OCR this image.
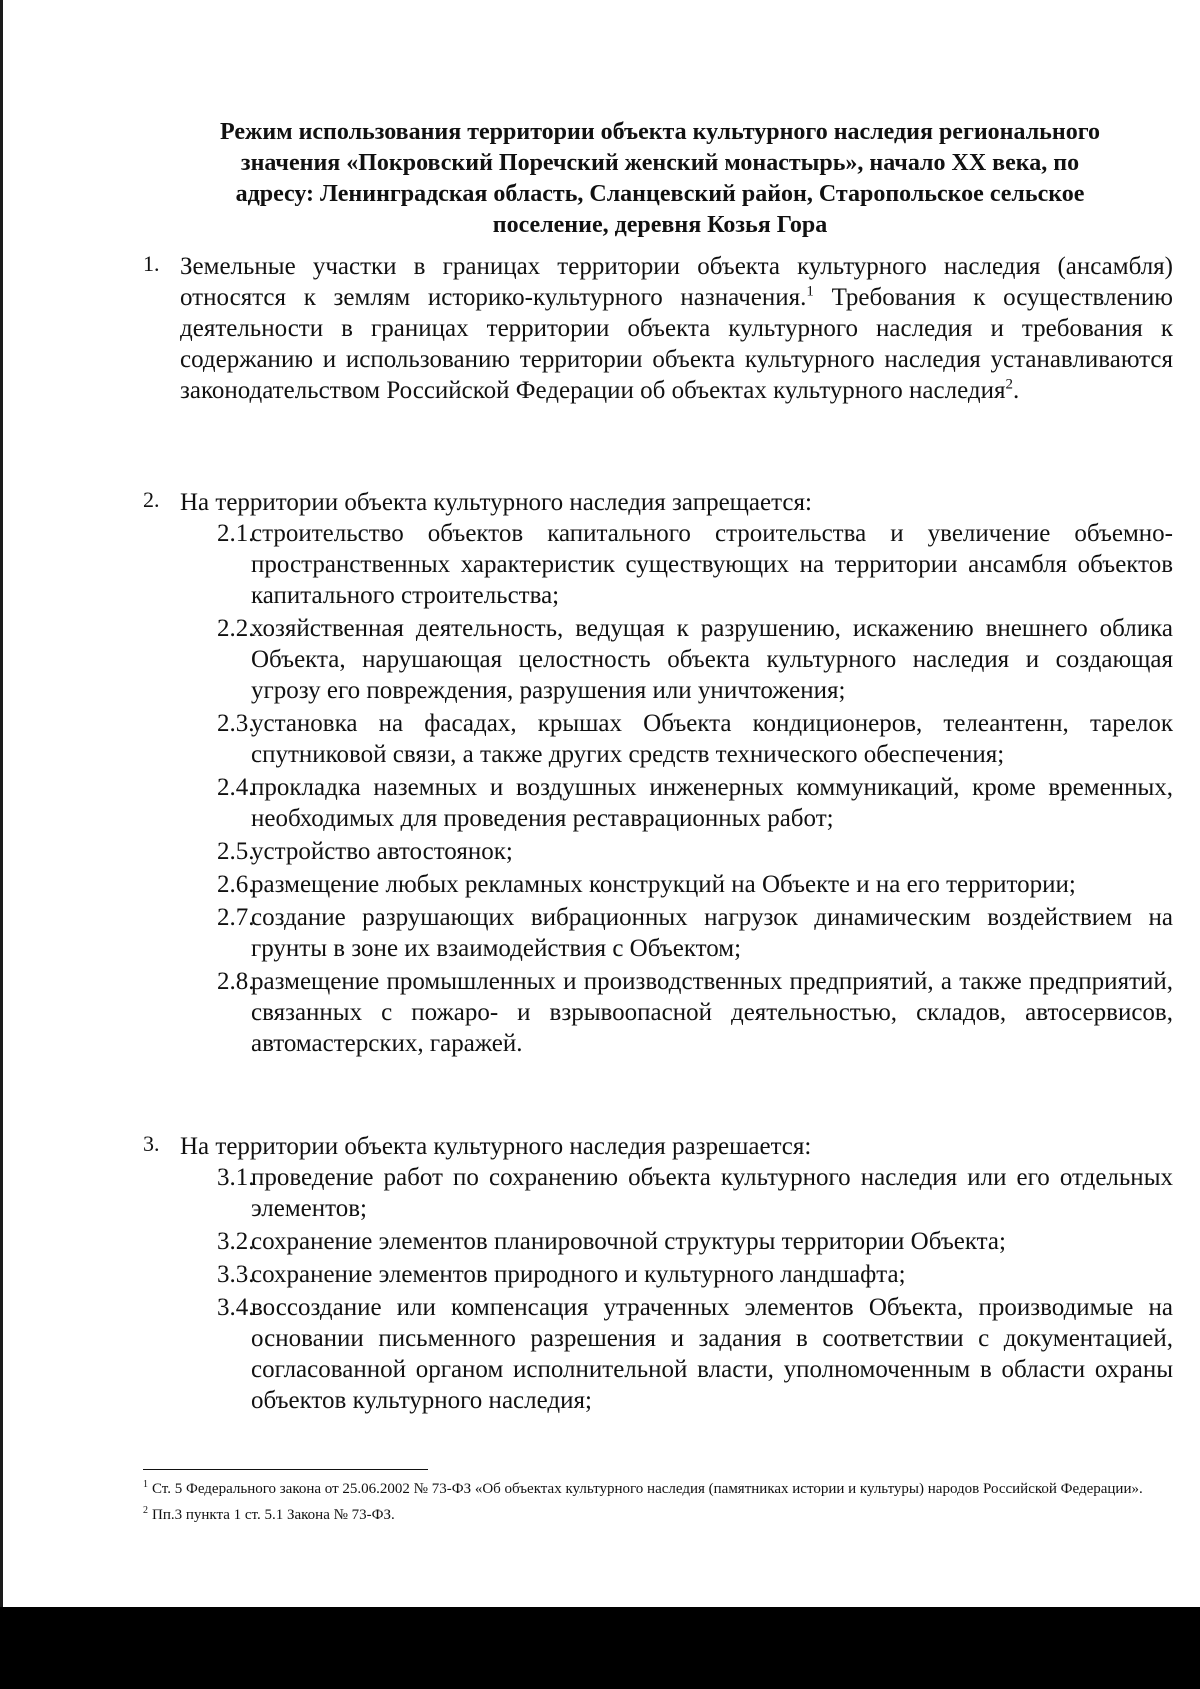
Режим использования территории объекта культурного наследия регионального
значения «Покровский Поречский женский монастырь», начало XX века, по
адресу: Ленинградская область, Сланцевский район, Старопольское сельское
поселение, деревня Козья Гора
1. Земельные участки в границах территории объекта культурного наследия (ансамбля) относятся к землям историко-культурного назначения.$^1$ Требования к осуществлению деятельности в границах территории объекта культурного наследия и требования к содержанию и использованию территории объекта культурного наследия устанавливаются законодательством Российской Федерации об объектах культурного наследия$^2$.
2. На территории объекта культурного наследия запрещается:
2.1.
строительство объектов капитального строительства и увеличение объемно-пространственных характеристик существующих на территории ансамбля объектов капитального строительства;
2.2.
хозяйственная деятельность, ведущая к разрушению, искажению внешнего облика Объекта, нарушающая целостность объекта культурного наследия и создающая угрозу его повреждения, разрушения или уничтожения;
2.3.
установка на фасадах, крышах Объекта кондиционеров, телеантенн, тарелок спутниковой связи, а также других средств технического обеспечения;
2.4.
прокладка наземных и воздушных инженерных коммуникаций, кроме временных, необходимых для проведения реставрационных работ;
2.5.
устройство автостоянок;
2.6.
размещение любых рекламных конструкций на Объекте и на его территории;
2.7.
создание разрушающих вибрационных нагрузок динамическим воздействием на грунты в зоне их взаимодействия с Объектом;
2.8.
размещение промышленных и производственных предприятий, а также предприятий, связанных с пожаро- и взрывоопасной деятельностью, складов, автосервисов, автомастерских, гаражей.
3. На территории объекта культурного наследия разрешается:
3.1.
проведение работ по сохранению объекта культурного наследия или его отдельных элементов;
3.2.
сохранение элементов планировочной структуры территории Объекта;
3.3.
сохранение элементов природного и культурного ландшафта;
3.4.
воссоздание или компенсация утраченных элементов Объекта, производимые на основании письменного разрешения и задания в соответствии с документацией, согласованной органом исполнительной власти, уполномоченным в области охраны объектов культурного наследия;
$^1$ Ст. 5 Федерального закона от 25.06.2002 № 73-ФЗ «Об объектах культурного наследия (памятниках истории и культуры) народов Российской Федерации».
$^2$ Пп.3 пункта 1 ст. 5.1 Закона № 73-ФЗ.
